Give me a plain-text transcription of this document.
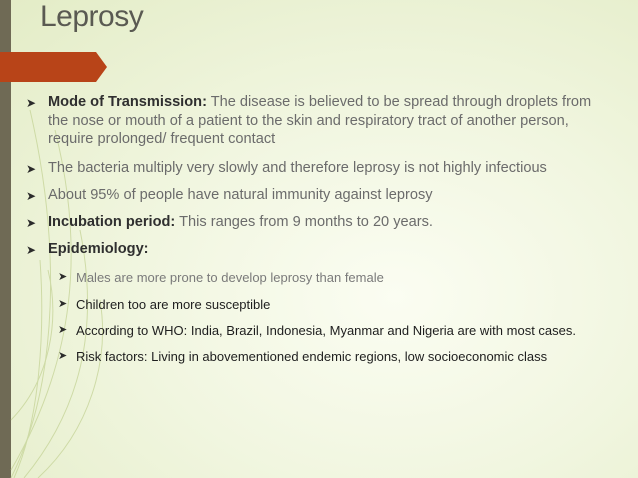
Leprosy
➤ Mode of Transmission: The disease is believed to be spread through droplets from the nose or mouth of a patient to the skin and respiratory tract of another person, require prolonged/ frequent contact
➤ The bacteria multiply very slowly and therefore leprosy is not highly infectious
➤ About 95% of people have natural immunity against leprosy
➤ Incubation period: This ranges from 9 months to 20 years.
➤ Epidemiology:
➤ Males are more prone to develop leprosy than female
➤ Children too are more susceptible
➤ According to WHO: India, Brazil, Indonesia, Myanmar and Nigeria are with most cases.
➤ Risk factors: Living in abovementioned endemic regions, low socioeconomic class
